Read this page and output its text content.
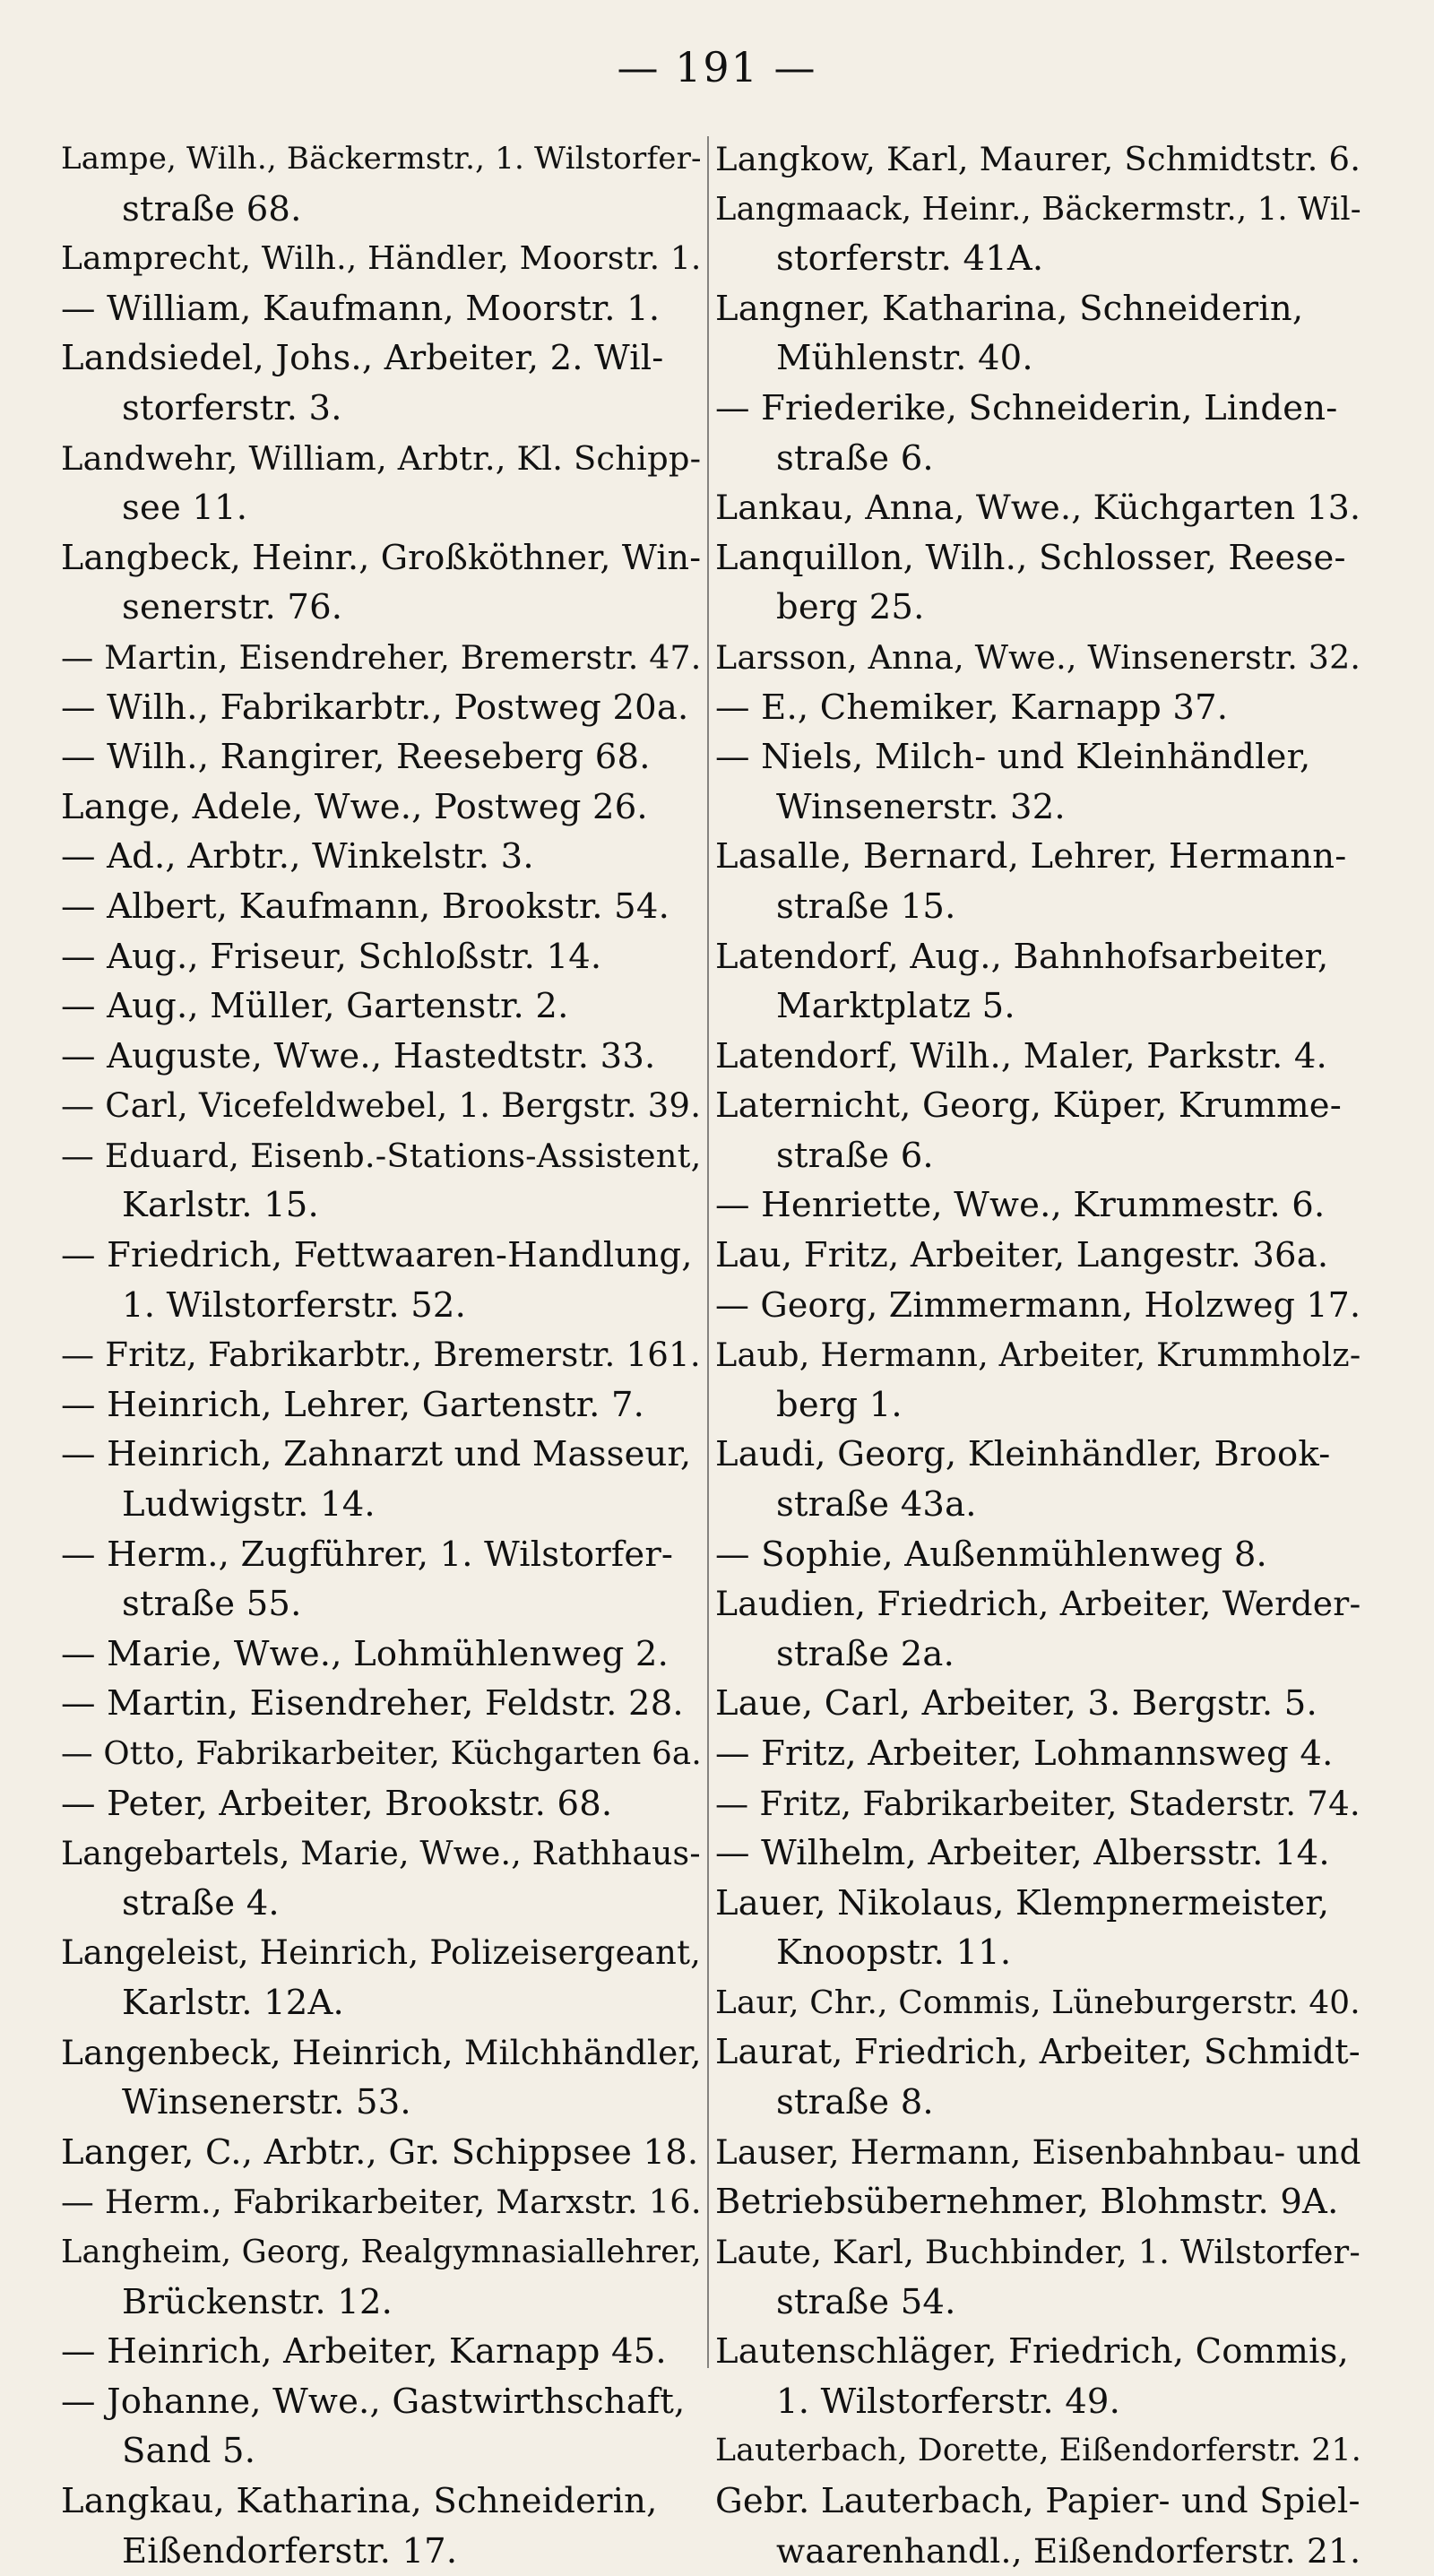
— 191 —
Lampe, Wilh., Bäckermstr., 1. Wilstorfer-
straße 68.
Lamprecht, Wilh., Händler, Moorstr. 1.
— William, Kaufmann, Moorstr. 1.
Landsiedel, Johs., Arbeiter, 2. Wil-
storferstr. 3.
Landwehr, William, Arbtr., Kl. Schipp-
see 11.
Langbeck, Heinr., Großköthner, Win-
senerstr. 76.
— Martin, Eisendreher, Bremerstr. 47.
— Wilh., Fabrikarbtr., Postweg 20a.
— Wilh., Rangirer, Reeseberg 68.
Lange, Adele, Wwe., Postweg 26.
— Ad., Arbtr., Winkelstr. 3.
— Albert, Kaufmann, Brookstr. 54.
— Aug., Friseur, Schloßstr. 14.
— Aug., Müller, Gartenstr. 2.
— Auguste, Wwe., Hastedtstr. 33.
— Carl, Vicefeldwebel, 1. Bergstr. 39.
— Eduard, Eisenb.-Stations-Assistent,
Karlstr. 15.
— Friedrich, Fettwaaren-Handlung,
1. Wilstorferstr. 52.
— Fritz, Fabrikarbtr., Bremerstr. 161.
— Heinrich, Lehrer, Gartenstr. 7.
— Heinrich, Zahnarzt und Masseur,
Ludwigstr. 14.
— Herm., Zugführer, 1. Wilstorfer-
straße 55.
— Marie, Wwe., Lohmühlenweg 2.
— Martin, Eisendreher, Feldstr. 28.
— Otto, Fabrikarbeiter, Küchgarten 6a.
— Peter, Arbeiter, Brookstr. 68.
Langebartels, Marie, Wwe., Rathhaus-
straße 4.
Langeleist, Heinrich, Polizeisergeant,
Karlstr. 12A.
Langenbeck, Heinrich, Milchhändler,
Winsenerstr. 53.
Langer, C., Arbtr., Gr. Schippsee 18.
— Herm., Fabrikarbeiter, Marxstr. 16.
Langheim, Georg, Realgymnasiallehrer,
Brückenstr. 12.
— Heinrich, Arbeiter, Karnapp 45.
— Johanne, Wwe., Gastwirthschaft,
Sand 5.
Langkau, Katharina, Schneiderin,
Eißendorferstr. 17.
Langkow, Karl, Maurer, Schmidtstr. 6.
Langmaack, Heinr., Bäckermstr., 1. Wil-
storferstr. 41A.
Langner, Katharina, Schneiderin,
Mühlenstr. 40.
— Friederike, Schneiderin, Linden-
straße 6.
Lankau, Anna, Wwe., Küchgarten 13.
Lanquillon, Wilh., Schlosser, Reese-
berg 25.
Larsson, Anna, Wwe., Winsenerstr. 32.
— E., Chemiker, Karnapp 37.
— Niels, Milch- und Kleinhändler,
Winsenerstr. 32.
Lasalle, Bernard, Lehrer, Hermann-
straße 15.
Latendorf, Aug., Bahnhofsarbeiter,
Marktplatz 5.
Latendorf, Wilh., Maler, Parkstr. 4.
Laternicht, Georg, Küper, Krumme-
straße 6.
— Henriette, Wwe., Krummestr. 6.
Lau, Fritz, Arbeiter, Langestr. 36a.
— Georg, Zimmermann, Holzweg 17.
Laub, Hermann, Arbeiter, Krummholz-
berg 1.
Laudi, Georg, Kleinhändler, Brook-
straße 43a.
— Sophie, Außenmühlenweg 8.
Laudien, Friedrich, Arbeiter, Werder-
straße 2a.
Laue, Carl, Arbeiter, 3. Bergstr. 5.
— Fritz, Arbeiter, Lohmannsweg 4.
— Fritz, Fabrikarbeiter, Staderstr. 74.
— Wilhelm, Arbeiter, Albersstr. 14.
Lauer, Nikolaus, Klempnermeister,
Knoopstr. 11.
Laur, Chr., Commis, Lüneburgerstr. 40.
Laurat, Friedrich, Arbeiter, Schmidt-
straße 8.
Lauser, Hermann, Eisenbahnbau- und
Betriebsübernehmer, Blohmstr. 9A.
Laute, Karl, Buchbinder, 1. Wilstorfer-
straße 54.
Lautenschläger, Friedrich, Commis,
1. Wilstorferstr. 49.
Lauterbach, Dorette, Eißendorferstr. 21.
Gebr. Lauterbach, Papier- und Spiel-
waarenhandl., Eißendorferstr. 21.
